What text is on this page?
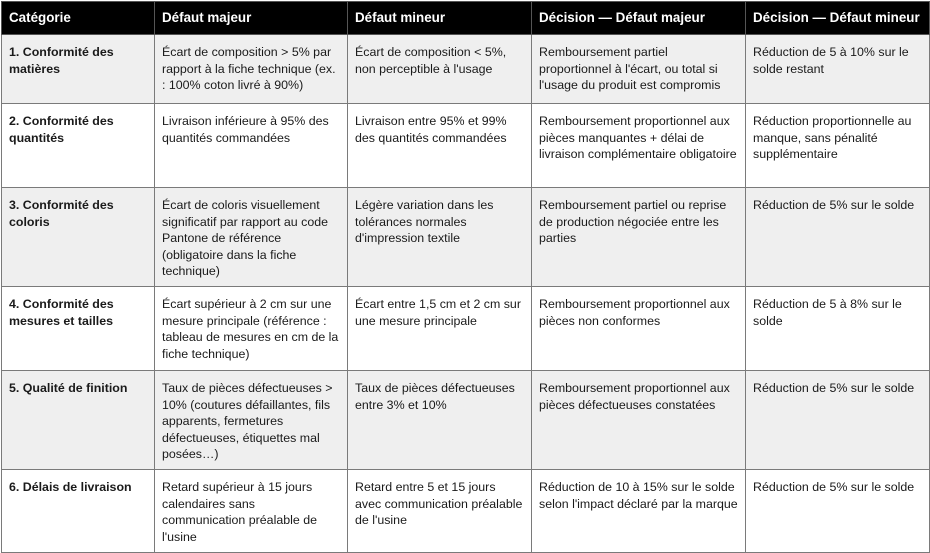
Catégorie	Défaut majeur	Défaut mineur	Décision — Défaut majeur	Décision — Défaut mineur
1. Conformité des matières	Écart de composition > 5% par rapport à la fiche technique (ex. : 100% coton livré à 90%)	Écart de composition < 5%, non perceptible à l'usage	Remboursement partiel proportionnel à l'écart, ou total si l'usage du produit est compromis	Réduction de 5 à 10% sur le solde restant
2. Conformité des quantités	Livraison inférieure à 95% des quantités commandées	Livraison entre 95% et 99% des quantités commandées	Remboursement proportionnel aux pièces manquantes + délai de livraison complémentaire obligatoire	Réduction proportionnelle au manque, sans pénalité supplémentaire
3. Conformité des coloris	Écart de coloris visuellement significatif par rapport au code Pantone de référence (obligatoire dans la fiche technique)	Légère variation dans les tolérances normales d'impression textile	Remboursement partiel ou reprise de production négociée entre les parties	Réduction de 5% sur le solde
4. Conformité des mesures et tailles	Écart supérieur à 2 cm sur une mesure principale (référence : tableau de mesures en cm de la fiche technique)	Écart entre 1,5 cm et 2 cm sur une mesure principale	Remboursement proportionnel aux pièces non conformes	Réduction de 5 à 8% sur le solde
5. Qualité de finition	Taux de pièces défectueuses > 10% (coutures défaillantes, fils apparents, fermetures défectueuses, étiquettes mal posées…)	Taux de pièces défectueuses entre 3% et 10%	Remboursement proportionnel aux pièces défectueuses constatées	Réduction de 5% sur le solde
6. Délais de livraison	Retard supérieur à 15 jours calendaires sans communication préalable de l'usine	Retard entre 5 et 15 jours avec communication préalable de l'usine	Réduction de 10 à 15% sur le solde selon l'impact déclaré par la marque	Réduction de 5% sur le solde
